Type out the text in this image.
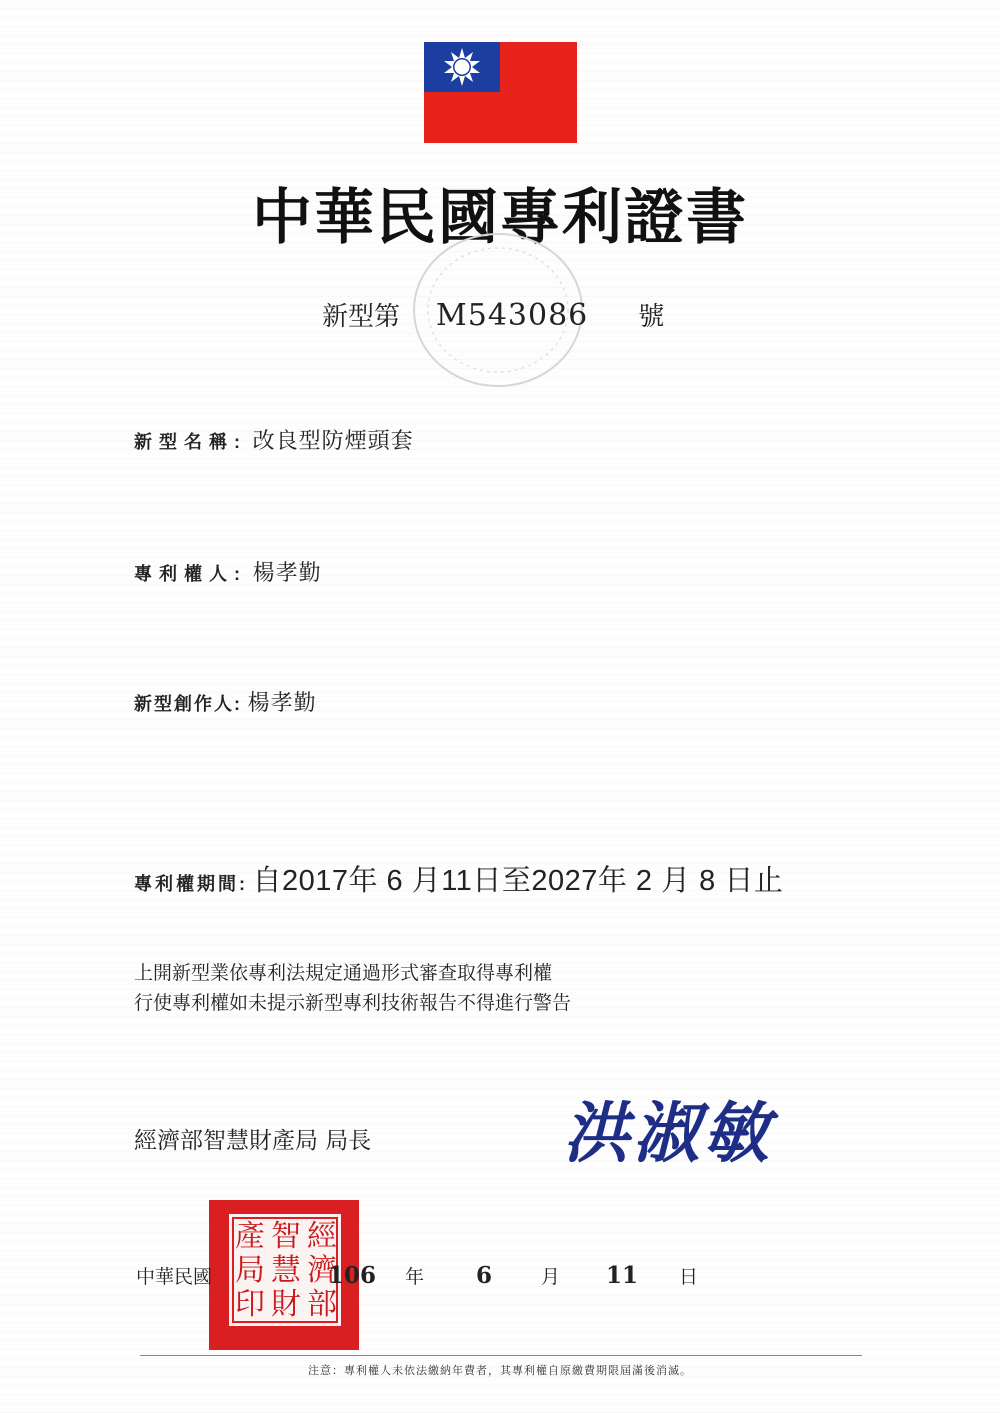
中華民國專利證書
新型第 M543086 號
新型名稱: 改良型防煙頭套
專利權人: 楊孝勤
新型創作人: 楊孝勤
專利權期間: 自2017年 6 月11日至2027年 2 月 8 日止
上開新型業依專利法規定通過形式審查取得專利權
行使專利權如未提示新型專利技術報告不得進行警告
經濟部智慧財產局 局長	洪淑敏
經
濟
部
智
慧
財
產
局
印
中華民國	106 年 6	月 11 日
注意：專利權人未依法繳納年費者，其專利權自原繳費期限屆滿後消滅。
